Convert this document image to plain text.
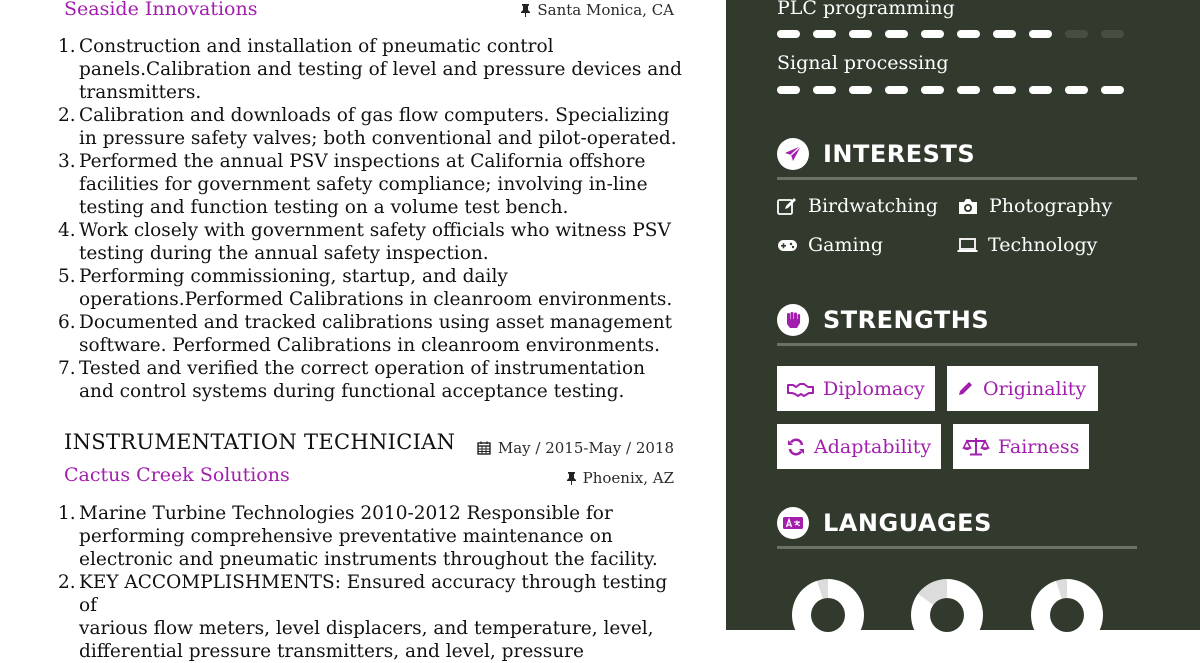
Seaside Innovations	Santa Monica, CA
1. Construction and installation of pneumatic control
panels.Calibration and testing of level and pressure devices and
transmitters.
2. Calibration and downloads of gas flow computers. Specializing
in pressure safety valves; both conventional and pilot-operated.
3. Performed the annual PSV inspections at California offshore
facilities for government safety compliance; involving in-line
testing and function testing on a volume test bench.
4. Work closely with government safety officials who witness PSV
testing during the annual safety inspection.
5. Performing commissioning, startup, and daily
operations.Performed Calibrations in cleanroom environments.
6. Documented and tracked calibrations using asset management
software. Performed Calibrations in cleanroom environments.
7. Tested and verified the correct operation of instrumentation
and control systems during functional acceptance testing.
INSTRUMENTATION TECHNICIAN	May / 2015-May / 2018
Cactus Creek Solutions	Phoenix, AZ
1. Marine Turbine Technologies 2010-2012 Responsible for
performing comprehensive preventative maintenance on
electronic and pneumatic instruments throughout the facility.
2. KEY ACCOMPLISHMENTS: Ensured accuracy through testing of
various flow meters, level displacers, and temperature, level,
differential pressure transmitters, and level, pressure
PLC programming
Signal processing
INTERESTS
Birdwatching	Photography
Gaming	Technology
STRENGTHS
Diplomacy	Originality
Adaptability	Fairness
LANGUAGES
